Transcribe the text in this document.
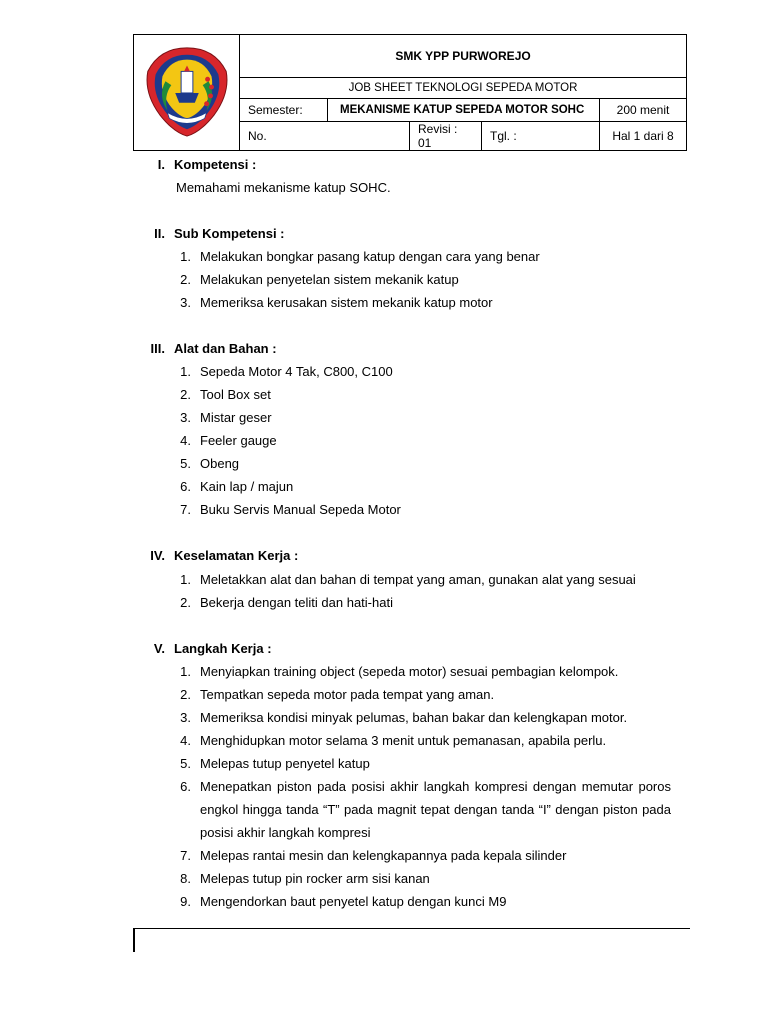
	SMK YPP PURWOREJO				
	JOB SHEET TEKNOLOGI SEPEDA MOTOR				
	Semester:	MEKANISME KATUP SEPEDA MOTOR SOHC			200 menit
	No.		Revisi : 01	Tgl. :	Hal 1 dari 8
I. Kompetensi :
Memahami mekanisme katup SOHC.
II. Sub Kompetensi :
1. Melakukan bongkar pasang katup dengan cara yang benar
2. Melakukan penyetelan sistem mekanik katup
3. Memeriksa kerusakan sistem mekanik katup motor
III. Alat dan Bahan :
1. Sepeda Motor 4 Tak, C800, C100
2. Tool Box set
3. Mistar geser
4. Feeler gauge
5. Obeng
6. Kain lap / majun
7. Buku Servis Manual Sepeda Motor
IV. Keselamatan Kerja :
1. Meletakkan alat dan bahan di tempat yang aman, gunakan alat yang sesuai
2. Bekerja dengan teliti dan hati-hati
V. Langkah Kerja :
1. Menyiapkan training object (sepeda motor) sesuai pembagian kelompok.
2. Tempatkan sepeda motor pada tempat yang aman.
3. Memeriksa kondisi minyak pelumas, bahan bakar dan kelengkapan motor.
4. Menghidupkan motor selama 3 menit untuk pemanasan, apabila perlu.
5. Melepas tutup penyetel katup
6. Menepatkan piston pada posisi akhir langkah kompresi dengan memutar poros
engkol hingga tanda “T” pada magnit tepat dengan tanda “I” dengan piston pada
posisi akhir langkah kompresi
7. Melepas rantai mesin dan kelengkapannya pada kepala silinder
8. Melepas tutup pin rocker arm sisi kanan
9. Mengendorkan baut penyetel katup dengan kunci M9
